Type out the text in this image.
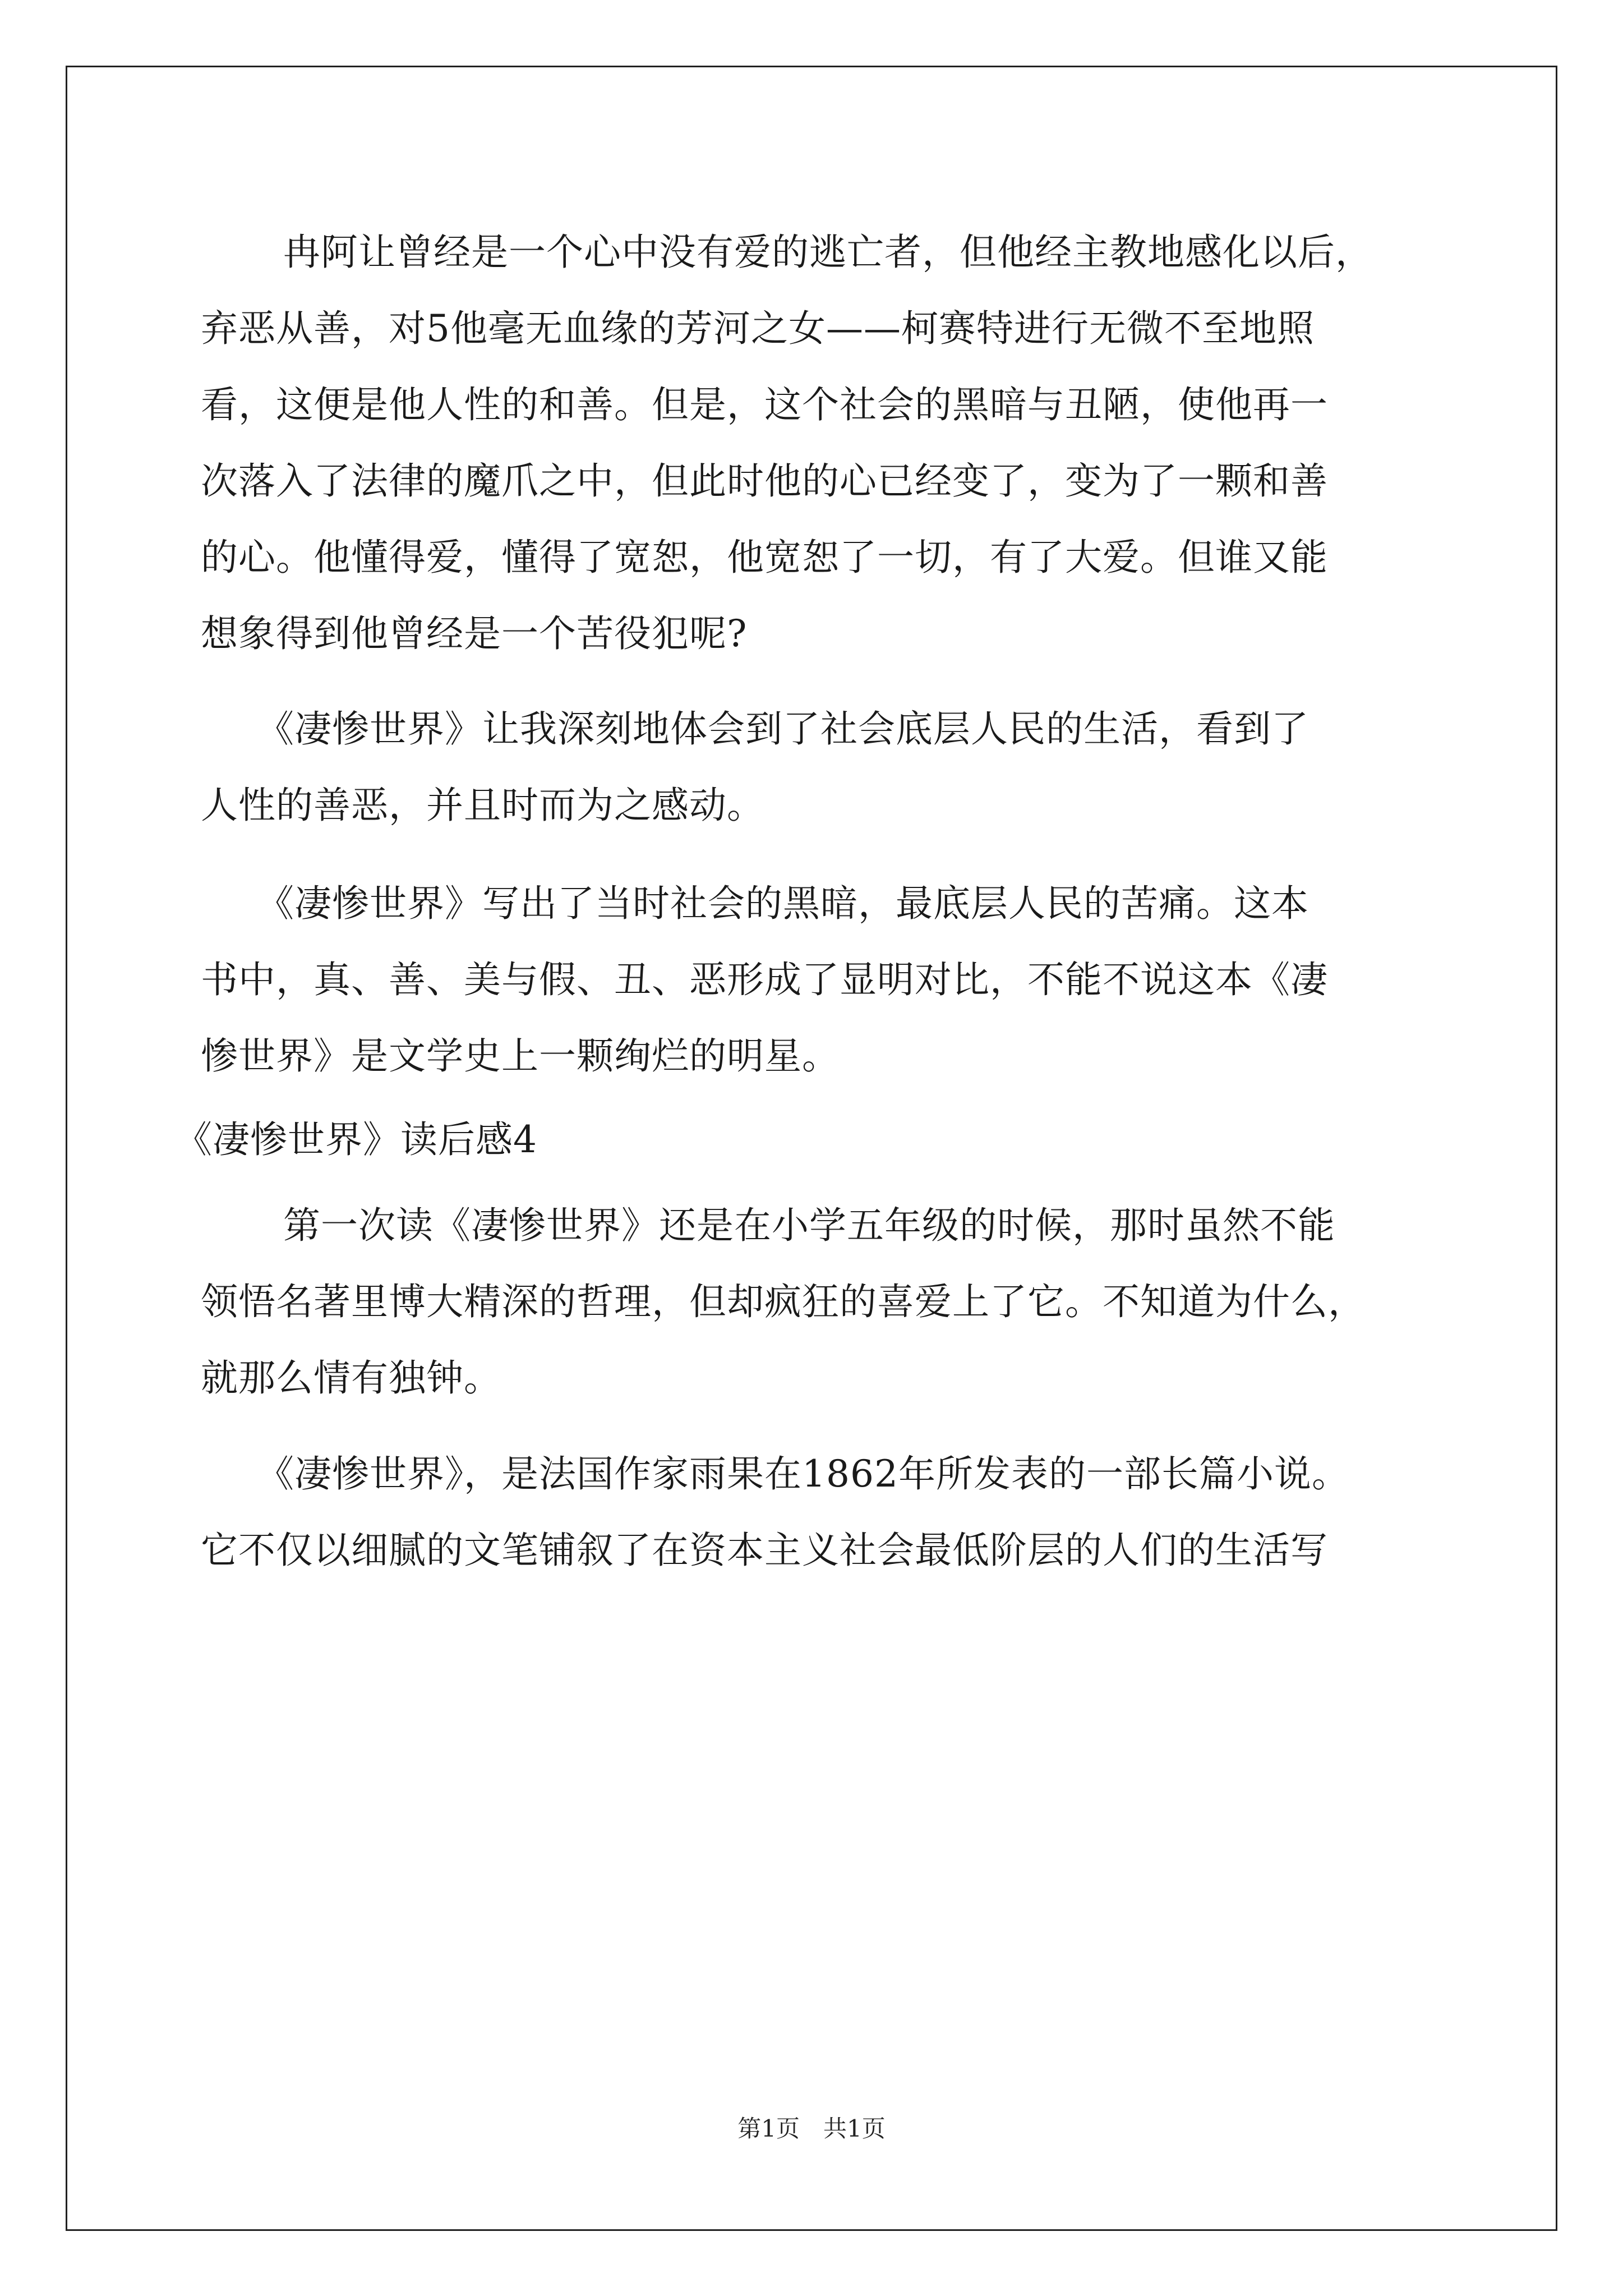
冉阿让曾经是一个心中没有爱的逃亡者，但他经主教地感化以后，

弃恶从善，对5他毫无血缘的芳河之女——柯赛特进行无微不至地照

看，这便是他人性的和善。但是，这个社会的黑暗与丑陋，使他再一

次落入了法律的魔爪之中，但此时他的心已经变了，变为了一颗和善

的心。他懂得爱，懂得了宽恕，他宽恕了一切，有了大爱。但谁又能

想象得到他曾经是一个苦役犯呢?

《凄惨世界》让我深刻地体会到了社会底层人民的生活，看到了

人性的善恶，并且时而为之感动。

《凄惨世界》写出了当时社会的黑暗，最底层人民的苦痛。这本

书中，真、善、美与假、丑、恶形成了显明对比，不能不说这本《凄

惨世界》是文学史上一颗绚烂的明星。

《凄惨世界》读后感4

第一次读《凄惨世界》还是在小学五年级的时候，那时虽然不能

领悟名著里博大精深的哲理，但却疯狂的喜爱上了它。不知道为什么，

就那么情有独钟。

《凄惨世界》，是法国作家雨果在1862年所发表的一部长篇小说。

它不仅以细腻的文笔铺叙了在资本主义社会最低阶层的人们的生活写

第1页　共1页
